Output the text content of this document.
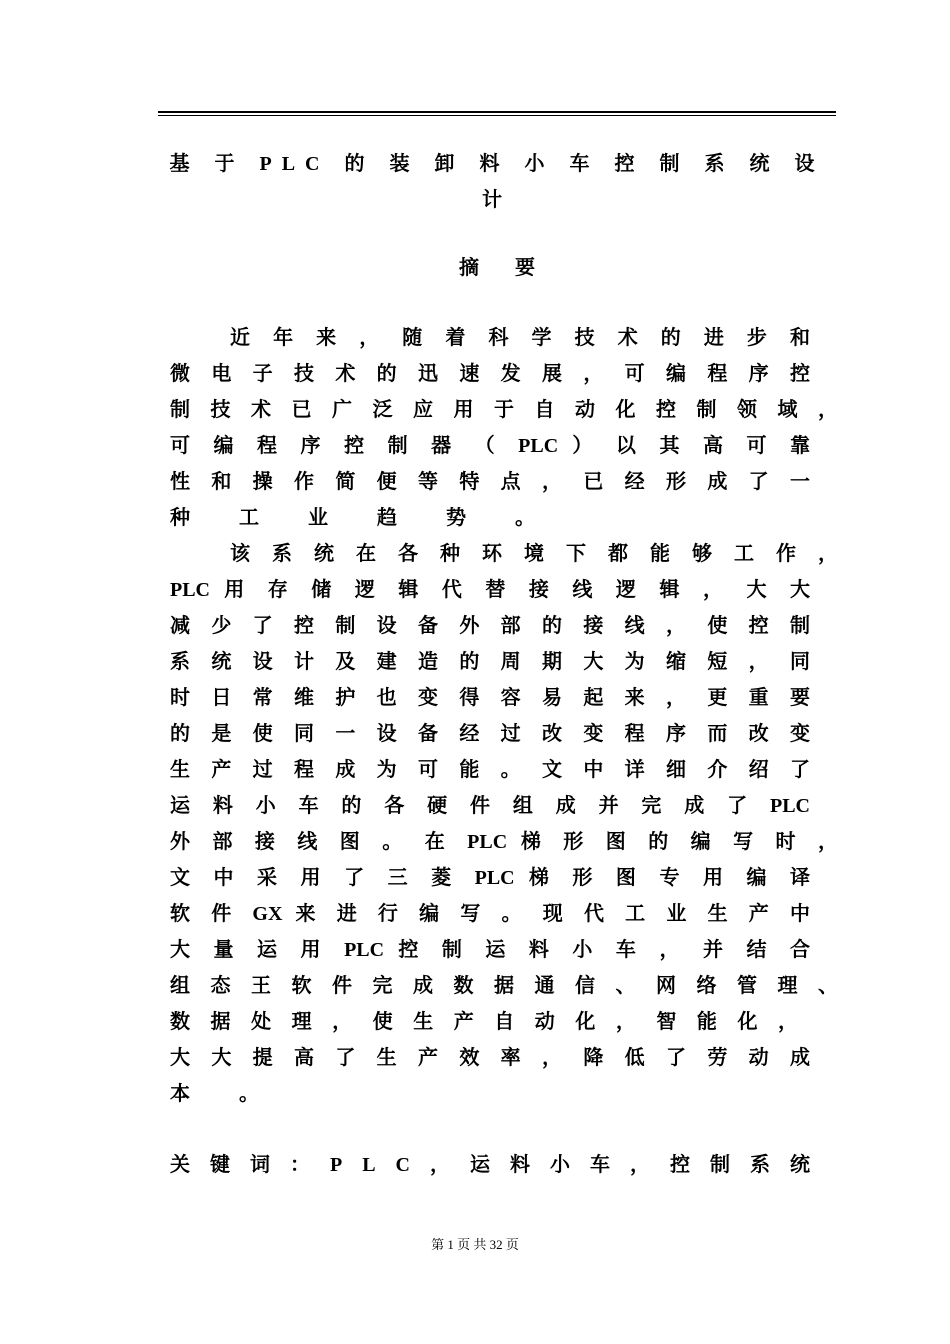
基 于 PLC 的 装 卸 料 小 车 控 制 系 统 设
计
摘要
近 年 来 ， 随 着 科 学 技 术 的 进 步 和
微 电 子 技 术 的 迅 速 发 展 ， 可 编 程 序 控
制 技 术 已 广 泛 应 用 于 自 动 化 控 制 领 域 ，
可 编 程 序 控 制 器 （ PLC ） 以 其 高 可 靠
性 和 操 作 简 便 等 特 点 ， 已 经 形 成 了 一
种 工 业 趋 势 。
该 系 统 在 各 种 环 境 下 都 能 够 工 作 ，
PLC 用 存 储 逻 辑 代 替 接 线 逻 辑 ， 大 大
减 少 了 控 制 设 备 外 部 的 接 线 ， 使 控 制
系 统 设 计 及 建 造 的 周 期 大 为 缩 短 ， 同
时 日 常 维 护 也 变 得 容 易 起 来 ， 更 重 要
的 是 使 同 一 设 备 经 过 改 变 程 序 而 改 变
生 产 过 程 成 为 可 能 。 文 中 详 细 介 绍 了
运 料 小 车 的 各 硬 件 组 成 并 完 成 了 PLC
外 部 接 线 图 。 在 PLC 梯 形 图 的 编 写 时 ，
文 中 采 用 了 三 菱 PLC 梯 形 图 专 用 编 译
软 件 GX 来 进 行 编 写 。 现 代 工 业 生 产 中
大 量 运 用 PLC 控 制 运 料 小 车 ， 并 结 合
组 态 王 软 件 完 成 数 据 通 信 、 网 络 管 理 、
数 据 处 理 ， 使 生 产 自 动 化 ， 智 能 化 ，
大 大 提 高 了 生 产 效 率 ， 降 低 了 劳 动 成
本 。
关键词：PLC，运料小车，控制系统
第 1 页 共 32 页
